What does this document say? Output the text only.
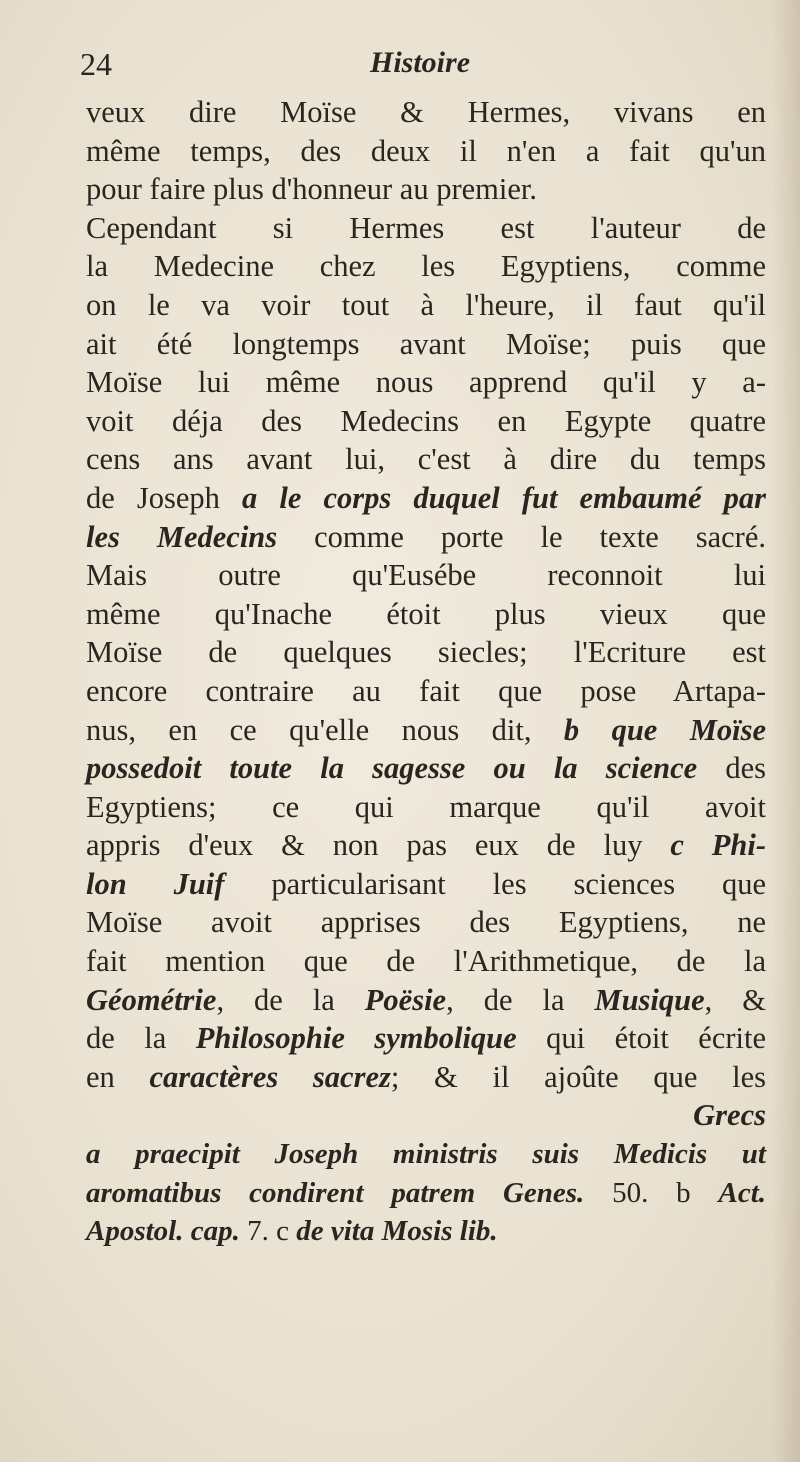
24	Histoire
veux dire Moïse & Hermes, vivans en
même temps, des deux il n'en a fait qu'un
pour faire plus d'honneur au premier.
Cependant si Hermes est l'auteur de
la Medecine chez les Egyptiens, comme
on le va voir tout à l'heure, il faut qu'il
ait été longtemps avant Moïse; puis que
Moïse lui même nous apprend qu'il y a-
voit déja des Medecins en Egypte quatre
cens ans avant lui, c'est à dire du temps
de Joseph a le corps duquel fut embaumé par
les Medecins comme porte le texte sacré.
Mais outre qu'Eusébe reconnoit lui
même qu'Inache étoit plus vieux que
Moïse de quelques siecles; l'Ecriture est
encore contraire au fait que pose Artapa-
nus, en ce qu'elle nous dit, b que Moïse
possedoit toute la sagesse ou la science des
Egyptiens; ce qui marque qu'il avoit
appris d'eux & non pas eux de luy c Phi-
lon Juif particularisant les sciences que
Moïse avoit apprises des Egyptiens, ne
fait mention que de l'Arithmetique, de la
Géométrie, de la Poësie, de la Musique, &
de la Philosophie symbolique qui étoit écrite
en caractères sacrez; & il ajoûte que les
Grecs
a praecipit Joseph ministris suis Medicis ut
aromatibus condirent patrem Genes. 50. b Act.
Apostol. cap. 7. c de vita Mosis lib.
